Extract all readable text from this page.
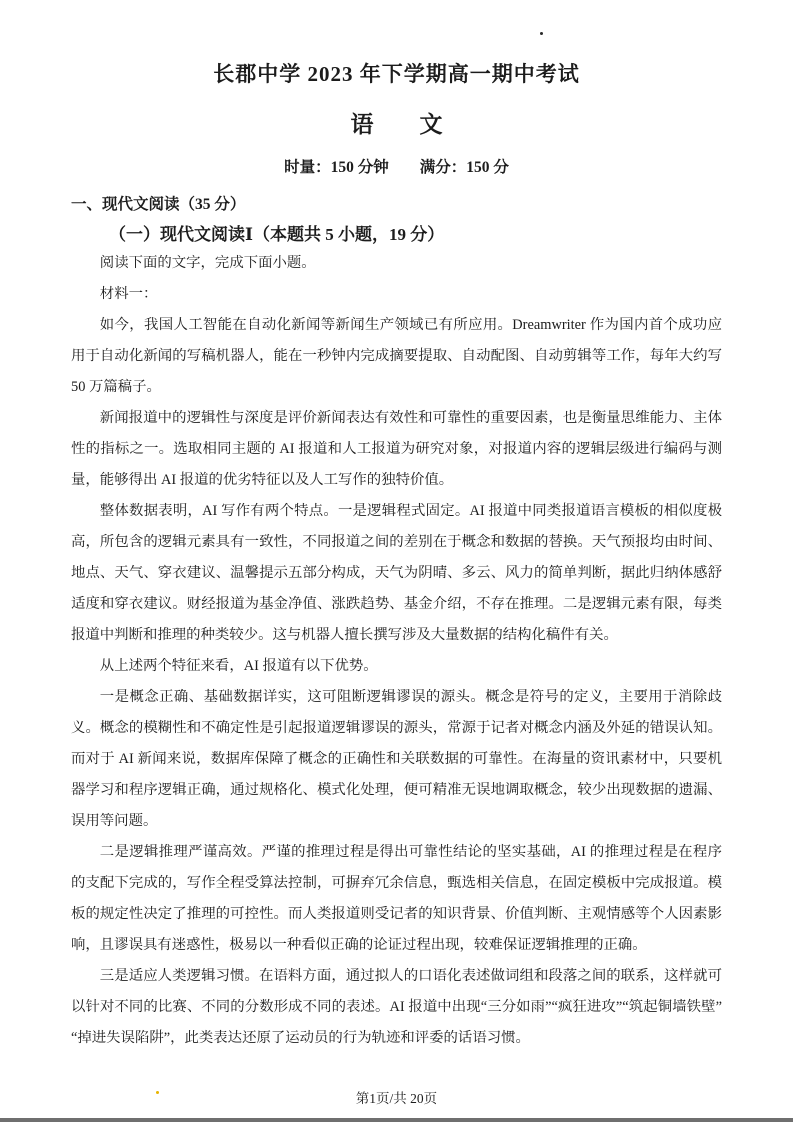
长郡中学 2023 年下学期高一期中考试
语　　文
时量：150 分钟　　满分：150 分
一、现代文阅读（35 分）
（一）现代文阅读Ⅰ（本题共 5 小题，19 分）

阅读下面的文字，完成下面小题。

材料一：

如今，我国人工智能在自动化新闻等新闻生产领域已有所应用。Dreamwriter 作为国内首个成功应用于自动化新闻的写稿机器人，能在一秒钟内完成摘要提取、自动配图、自动剪辑等工作，每年大约写 50 万篇稿子。

新闻报道中的逻辑性与深度是评价新闻表达有效性和可靠性的重要因素，也是衡量思维能力、主体性的指标之一。选取相同主题的 AI 报道和人工报道为研究对象，对报道内容的逻辑层级进行编码与测量，能够得出 AI 报道的优劣特征以及人工写作的独特价值。

整体数据表明，AI 写作有两个特点。一是逻辑程式固定。AI 报道中同类报道语言模板的相似度极高，所包含的逻辑元素具有一致性，不同报道之间的差别在于概念和数据的替换。天气预报均由时间、地点、天气、穿衣建议、温馨提示五部分构成，天气为阴晴、多云、风力的简单判断，据此归纳体感舒适度和穿衣建议。财经报道为基金净值、涨跌趋势、基金介绍，不存在推理。二是逻辑元素有限，每类报道中判断和推理的种类较少。这与机器人擅长撰写涉及大量数据的结构化稿件有关。

从上述两个特征来看，AI 报道有以下优势。

一是概念正确、基础数据详实，这可阻断逻辑谬误的源头。概念是符号的定义，主要用于消除歧义。概念的模糊性和不确定性是引起报道逻辑谬误的源头，常源于记者对概念内涵及外延的错误认知。而对于 AI 新闻来说，数据库保障了概念的正确性和关联数据的可靠性。在海量的资讯素材中，只要机器学习和程序逻辑正确，通过规格化、模式化处理，便可精准无误地调取概念，较少出现数据的遗漏、误用等问题。

二是逻辑推理严谨高效。严谨的推理过程是得出可靠性结论的坚实基础，AI 的推理过程是在程序的支配下完成的，写作全程受算法控制，可摒弃冗余信息，甄选相关信息，在固定模板中完成报道。模板的规定性决定了推理的可控性。而人类报道则受记者的知识背景、价值判断、主观情感等个人因素影响，且谬误具有迷惑性，极易以一种看似正确的论证过程出现，较难保证逻辑推理的正确。

三是适应人类逻辑习惯。在语料方面，通过拟人的口语化表述做词组和段落之间的联系，这样就可以针对不同的比赛、不同的分数形成不同的表述。AI 报道中出现“三分如雨”“疯狂进攻”“筑起铜墙铁壁”“掉进失误陷阱”，此类表达还原了运动员的行为轨迹和评委的话语习惯。

第1页/共 20页
